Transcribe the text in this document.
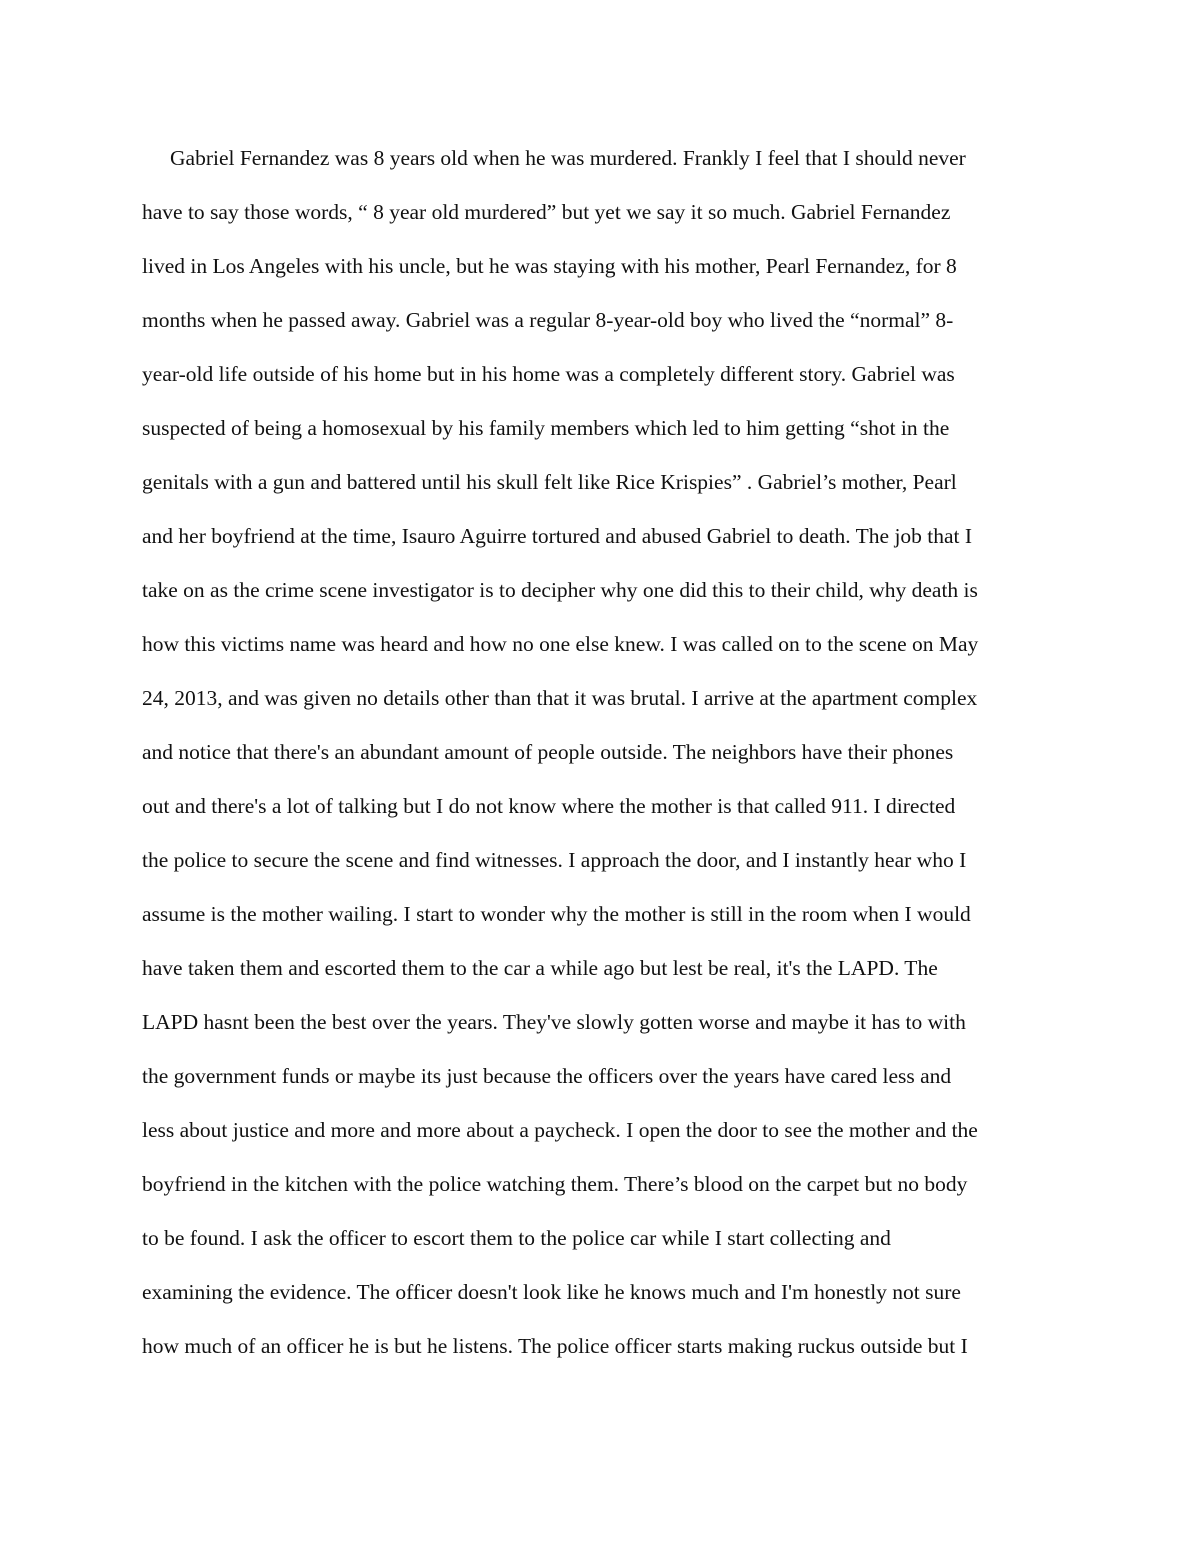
Gabriel Fernandez was 8 years old when he was murdered. Frankly I feel that I should never
have to say those words, “ 8 year old murdered” but yet we say it so much. Gabriel Fernandez
lived in Los Angeles with his uncle, but he was staying with his mother, Pearl Fernandez, for 8
months when he passed away. Gabriel was a regular 8-year-old boy who lived the “normal” 8-
year-old life outside of his home but in his home was a completely different story. Gabriel was
suspected of being a homosexual by his family members which led to him getting “shot in the
genitals with a gun and battered until his skull felt like Rice Krispies” . Gabriel’s mother, Pearl
and her boyfriend at the time, Isauro Aguirre tortured and abused Gabriel to death. The job that I
take on as the crime scene investigator is to decipher why one did this to their child, why death is
how this victims name was heard and how no one else knew. I was called on to the scene on May
24, 2013, and was given no details other than that it was brutal. I arrive at the apartment complex
and notice that there's an abundant amount of people outside. The neighbors have their phones
out and there's a lot of talking but I do not know where the mother is that called 911. I directed
the police to secure the scene and find witnesses. I approach the door, and I instantly hear who I
assume is the mother wailing. I start to wonder why the mother is still in the room when I would
have taken them and escorted them to the car a while ago but lest be real, it's the LAPD. The
LAPD hasnt been the best over the years. They've slowly gotten worse and maybe it has to with
the government funds or maybe its just because the officers over the years have cared less and
less about justice and more and more about a paycheck. I open the door to see the mother and the
boyfriend in the kitchen with the police watching them. There’s blood on the carpet but no body
to be found. I ask the officer to escort them to the police car while I start collecting and
examining the evidence. The officer doesn't look like he knows much and I'm honestly not sure
how much of an officer he is but he listens. The police officer starts making ruckus outside but I
